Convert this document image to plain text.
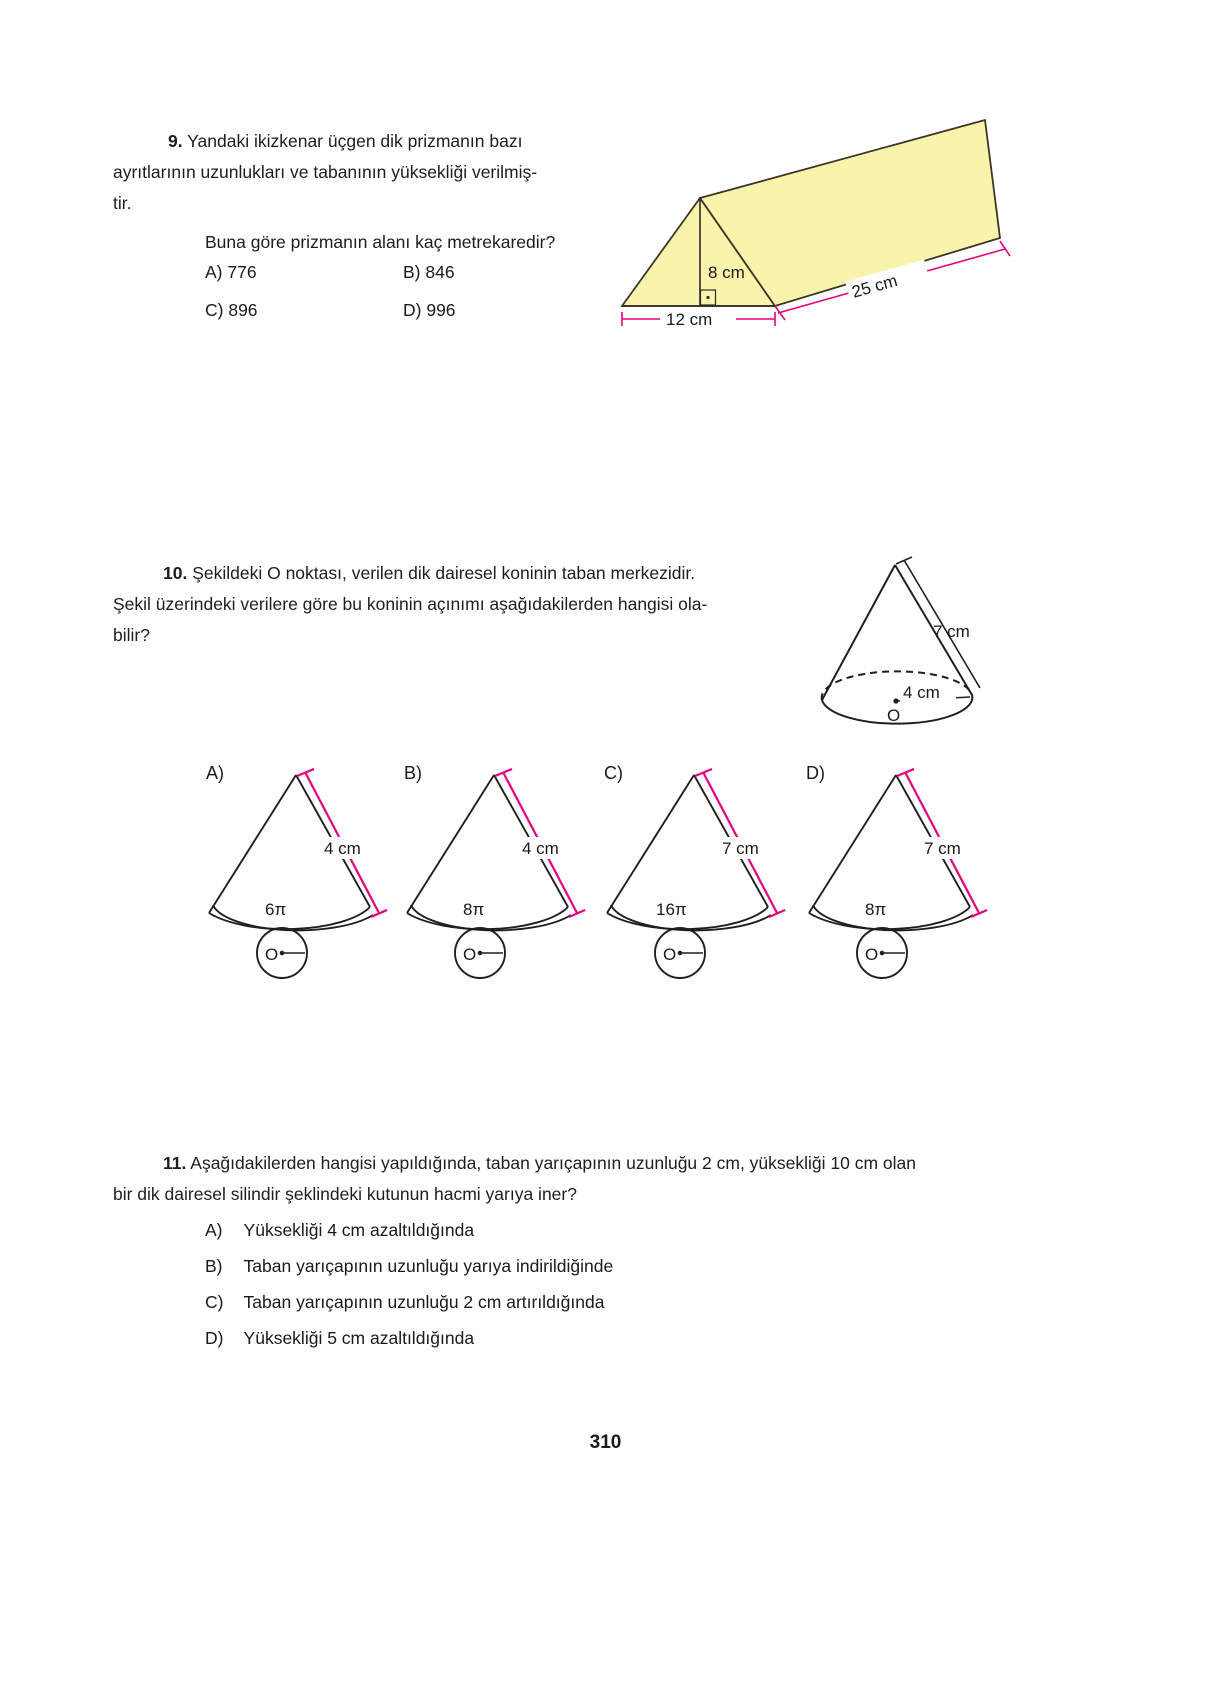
9. Yandaki ikizkenar üçgen dik prizmanın bazı
ayrıtlarının uzunlukları ve tabanının yüksekliği verilmiş-
tir.
Buna göre prizmanın alanı kaç metrekaredir?
A) 776	B) 846
C) 896	D) 996
8 cm
12 cm
25 cm
10. Şekildeki O noktası, verilen dik dairesel koninin taban merkezidir.
Şekil üzerindeki verilere göre bu koninin açınımı aşağıdakilerden hangisi ola-
bilir?	7 cm
4 cm
O
A)
6π
4 cm
O
B)
8π
4 cm
O
C)
16π
7 cm
O
D)
8π
7 cm
O
11. Aşağıdakilerden hangisi yapıldığında, taban yarıçapının uzunluğu 2 cm, yüksekliği 10 cm olan
bir dik dairesel silindir şeklindeki kutunun hacmi yarıya iner?
A) Yüksekliği 4 cm azaltıldığında
B) Taban yarıçapının uzunluğu yarıya indirildiğinde
C) Taban yarıçapının uzunluğu 2 cm artırıldığında
D) Yüksekliği 5 cm azaltıldığında
310
